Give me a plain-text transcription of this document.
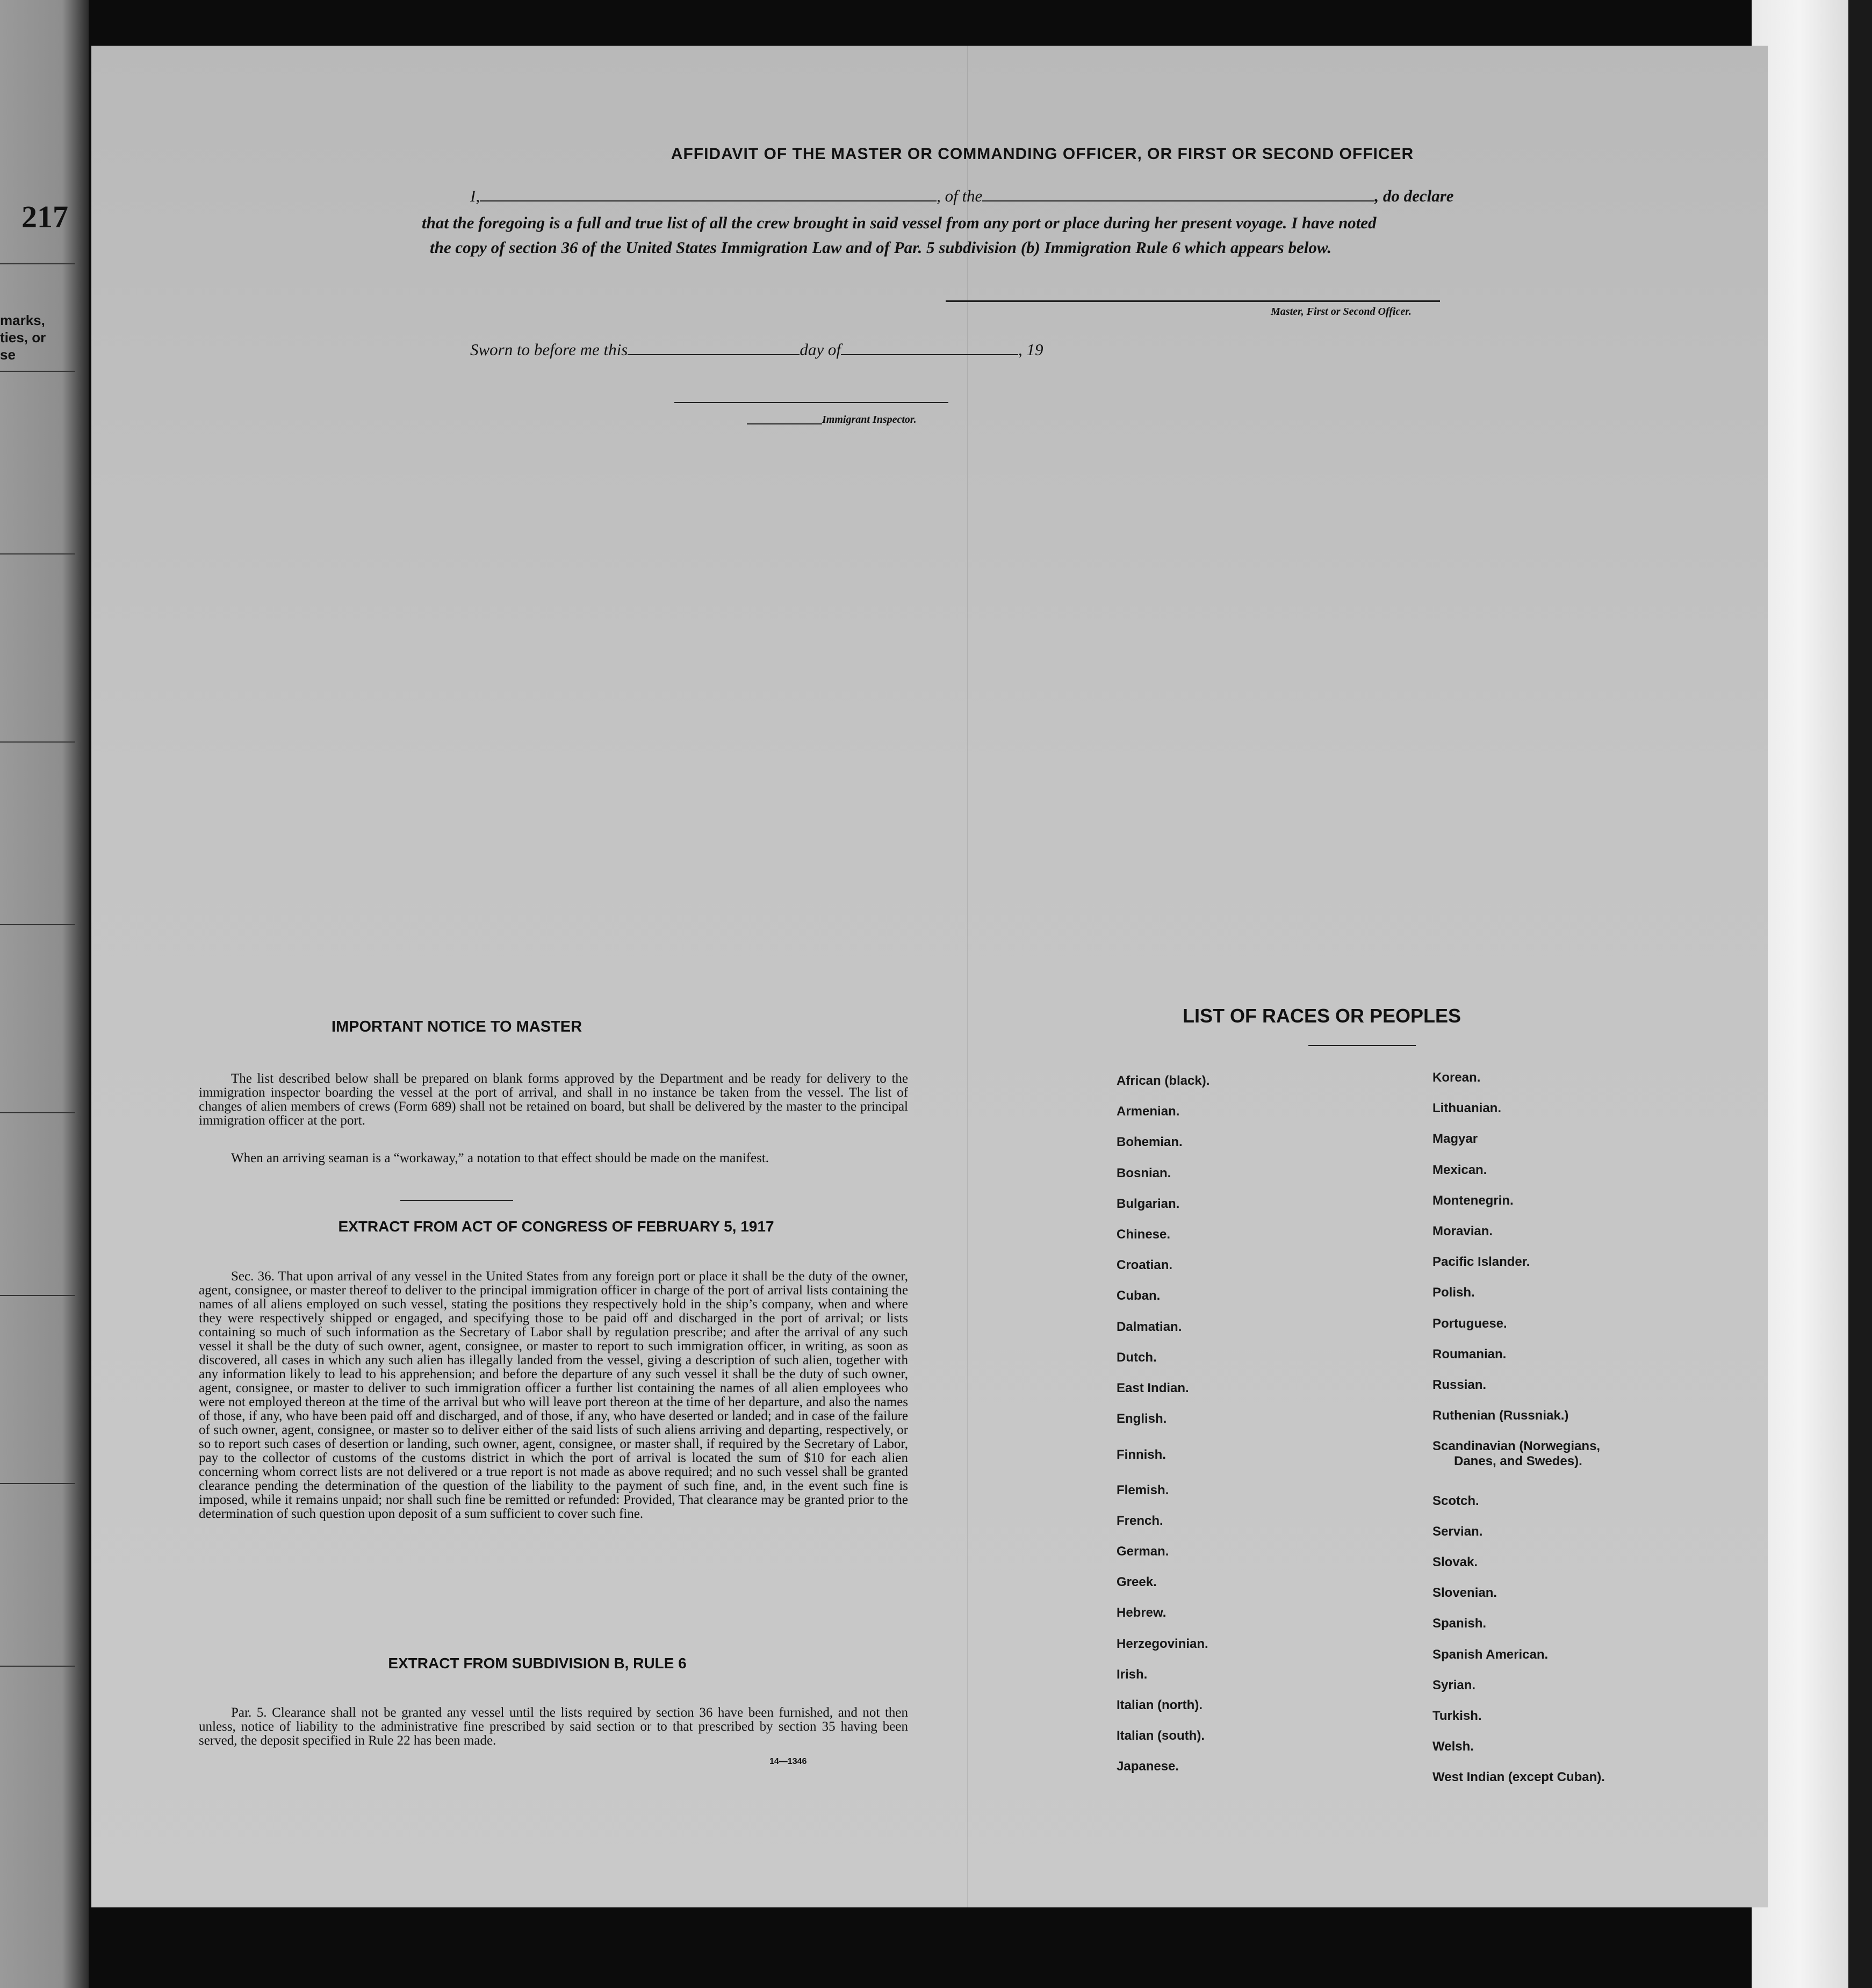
217
marks,
ties, or
se
AFFIDAVIT OF THE MASTER OR COMMANDING OFFICER, OR FIRST OR SECOND OFFICER
I,	, of the	, do declare
that the foregoing is a full and true list of all the crew brought in said vessel from any port or place during her present voyage. I have noted
the copy of section 36 of the United States Immigration Law and of Par. 5 subdivision (b) Immigration Rule 6 which appears below.
Master, First or Second Officer.
Sworn to before me this	day of	, 19
Immigrant Inspector.
IMPORTANT NOTICE TO MASTER
The list described below shall be prepared on blank forms approved by the Department and be ready for delivery to the immigration inspector boarding the vessel at the port of arrival, and shall in no instance be taken from the vessel. The list of changes of alien members of crews (Form 689) shall not be retained on board, but shall be delivered by the master to the principal immigration officer at the port.
When an arriving seaman is a “workaway,” a notation to that effect should be made on the manifest.
EXTRACT FROM ACT OF CONGRESS OF FEBRUARY 5, 1917
Sec. 36. That upon arrival of any vessel in the United States from any foreign port or place it shall be the duty of the owner, agent, consignee, or master thereof to deliver to the principal immigration officer in charge of the port of arrival lists containing the names of all aliens employed on such vessel, stating the positions they respectively hold in the ship’s company, when and where they were respectively shipped or engaged, and specifying those to be paid off and discharged in the port of arrival; or lists containing so much of such information as the Secretary of Labor shall by regulation prescribe; and after the arrival of any such vessel it shall be the duty of such owner, agent, consignee, or master to report to such immigration officer, in writing, as soon as discovered, all cases in which any such alien has illegally landed from the vessel, giving a description of such alien, together with any information likely to lead to his apprehension; and before the departure of any such vessel it shall be the duty of such owner, agent, consignee, or master to deliver to such immigration officer a further list containing the names of all alien employees who were not employed thereon at the time of the arrival but who will leave port thereon at the time of her departure, and also the names of those, if any, who have been paid off and discharged, and of those, if any, who have deserted or landed; and in case of the failure of such owner, agent, consignee, or master so to deliver either of the said lists of such aliens arriving and departing, respectively, or so to report such cases of desertion or landing, such owner, agent, consignee, or master shall, if required by the Secretary of Labor, pay to the collector of customs of the customs district in which the port of arrival is located the sum of $10 for each alien concerning whom correct lists are not delivered or a true report is not made as above required; and no such vessel shall be granted clearance pending the determination of the question of the liability to the payment of such fine, and, in the event such fine is imposed, while it remains unpaid; nor shall such fine be remitted or refunded: Provided, That clearance may be granted prior to the determination of such question upon deposit of a sum sufficient to cover such fine.
EXTRACT FROM SUBDIVISION B, RULE 6
Par. 5. Clearance shall not be granted any vessel until the lists required by section 36 have been furnished, and not then unless, notice of liability to the administrative fine prescribed by said section or to that prescribed by section 35 having been served, the deposit specified in Rule 22 has been made.
14—1346
LIST OF RACES OR PEOPLES
African (black).
Armenian.
Bohemian.
Bosnian.
Bulgarian.
Chinese.
Croatian.
Cuban.
Dalmatian.
Dutch.
East Indian.
English.
Finnish.
Flemish.
French.
German.
Greek.
Hebrew.
Herzegovinian.
Irish.
Italian (north).
Italian (south).
Japanese.
Korean.
Lithuanian.
Magyar
Mexican.
Montenegrin.
Moravian.
Pacific Islander.
Polish.
Portuguese.
Roumanian.
Russian.
Ruthenian (Russniak.)
Scandinavian (Norwegians,
Danes, and Swedes).
Scotch.
Servian.
Slovak.
Slovenian.
Spanish.
Spanish American.
Syrian.
Turkish.
Welsh.
West Indian (except Cuban).
